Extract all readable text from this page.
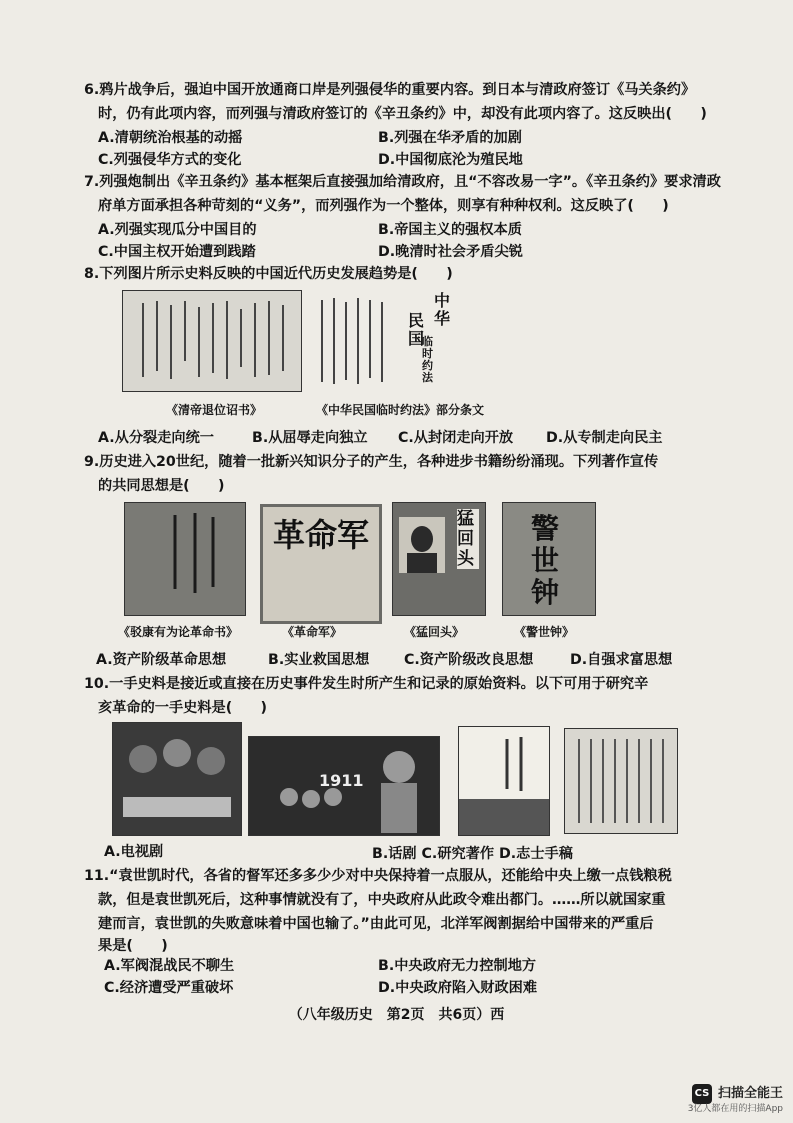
6.鸦片战争后，强迫中国开放通商口岸是列强侵华的重要内容。到日本与清政府签订《马关条约》
时，仍有此项内容，而列强与清政府签订的《辛丑条约》中，却没有此项内容了。这反映出(　　)
A.清朝统治根基的动摇	B.列强在华矛盾的加剧
C.列强侵华方式的变化	D.中国彻底沦为殖民地
7.列强炮制出《辛丑条约》基本框架后直接强加给清政府，且“不容改易一字”。《辛丑条约》要求清政
府单方面承担各种苛刻的“义务”，而列强作为一个整体，则享有种种权利。这反映了(　　)
A.列强实现瓜分中国目的	B.帝国主义的强权本质
C.中国主权开始遭到践踏	D.晚清时社会矛盾尖锐
8.下列图片所示史料反映的中国近代历史发展趋势是(　　)
中华
民国
临时约法
《清帝退位诏书》	《中华民国临时约法》部分条文
A.从分裂走向统一	B.从屈辱走向独立 C.从封闭走向开放 D.从专制走向民主
9.历史进入20世纪，随着一批新兴知识分子的产生，各种进步书籍纷纷涌现。下列著作宣传
的共同思想是(　　)
革命军	猛回头
警世钟
《驳康有为论革命书》	《革命军》	《猛回头》	《警世钟》
A.资产阶级革命思想	B.实业救国思想 C.资产阶级改良思想	D.自强求富思想
10.一手史料是接近或直接在历史事件发生时所产生和记录的原始资料。以下可用于研究辛
亥革命的一手史料是(　　)
1911
A.电视剧	B.话剧 C.研究著作 D.志士手稿
11.“袁世凯时代，各省的督军还多多少少对中央保持着一点服从，还能给中央上缴一点钱粮税
款，但是袁世凯死后，这种事情就没有了，中央政府从此政令难出都门。……所以就国家重
建而言，袁世凯的失败意味着中国也输了。”由此可见，北洋军阀割据给中国带来的严重后
果是(　　)
A.军阀混战民不聊生	B.中央政府无力控制地方
C.经济遭受严重破坏	D.中央政府陷入财政困难
（八年级历史　第2页　共6页）西
CS 扫描全能王
3亿人都在用的扫描App
